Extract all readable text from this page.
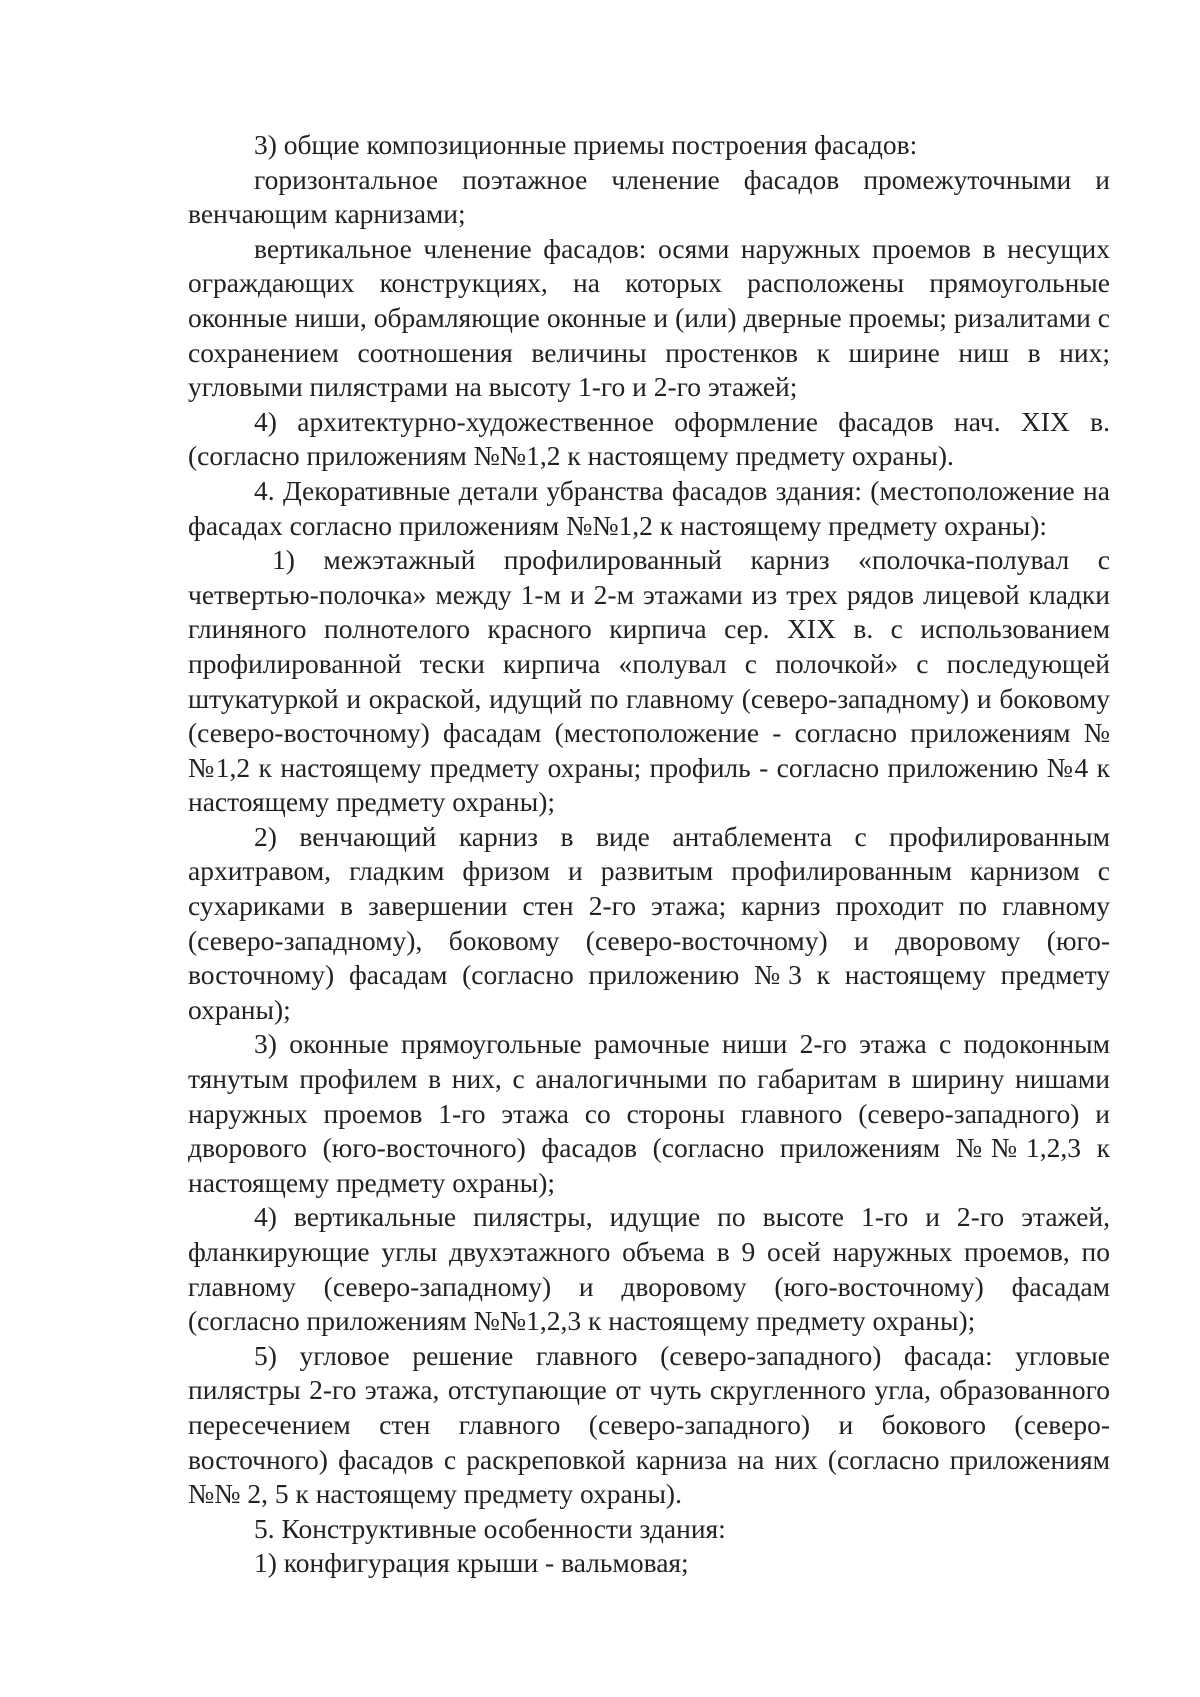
3) общие композиционные приемы построения фасадов:

горизонтальное поэтажное членение фасадов промежуточными и венчающим карнизами;

вертикальное членение фасадов: осями наружных проемов в несущих ограждающих конструкциях, на которых расположены прямоугольные оконные ниши, обрамляющие оконные и (или) дверные проемы; ризалитами с сохранением соотношения величины простенков к ширине ниш в них; угловыми пилястрами на высоту 1-го и 2-го этажей;

4) архитектурно-художественное оформление фасадов нач. XIX в. (согласно приложениям №№1,2 к настоящему предмету охраны).

4. Декоративные детали убранства фасадов здания: (местоположение на фасадах согласно приложениям №№1,2 к настоящему предмету охраны):

1) межэтажный профилированный карниз «полочка-полувал с четвертью-полочка» между 1-м и 2-м этажами из трех рядов лицевой кладки глиняного полнотелого красного кирпича сер. XIX в. с использованием профилированной тески кирпича «полувал с полочкой» с последующей штукатуркой и окраской, идущий по главному (северо-западному) и боковому (северо-восточному) фасадам (местоположение - согласно приложениям №№1,2 к настоящему предмету охраны; профиль - согласно приложению №4 к настоящему предмету охраны);

2) венчающий карниз в виде антаблемента с профилированным архитравом, гладким фризом и развитым профилированным карнизом с сухариками в завершении стен 2-го этажа; карниз проходит по главному (северо-западному), боковому (северо-восточному) и дворовому (юго-восточному) фасадам (согласно приложению №3 к настоящему предмету охраны);

3) оконные прямоугольные рамочные ниши 2-го этажа с подоконным тянутым профилем в них, с аналогичными по габаритам в ширину нишами наружных проемов 1-го этажа со стороны главного (северо-западного) и дворового (юго-восточного) фасадов (согласно приложениям №№1,2,3 к настоящему предмету охраны);

4) вертикальные пилястры, идущие по высоте 1-го и 2-го этажей, фланкирующие углы двухэтажного объема в 9 осей наружных проемов, по главному (северо-западному) и дворовому (юго-восточному) фасадам (согласно приложениям №№1,2,3 к настоящему предмету охраны);

5) угловое решение главного (северо-западного) фасада: угловые пилястры 2-го этажа, отступающие от чуть скругленного угла, образованного пересечением стен главного (северо-западного) и бокового (северо-восточного) фасадов с раскреповкой карниза на них (согласно приложениям №№ 2, 5 к настоящему предмету охраны).

5. Конструктивные особенности здания:

1) конфигурация крыши - вальмовая;
